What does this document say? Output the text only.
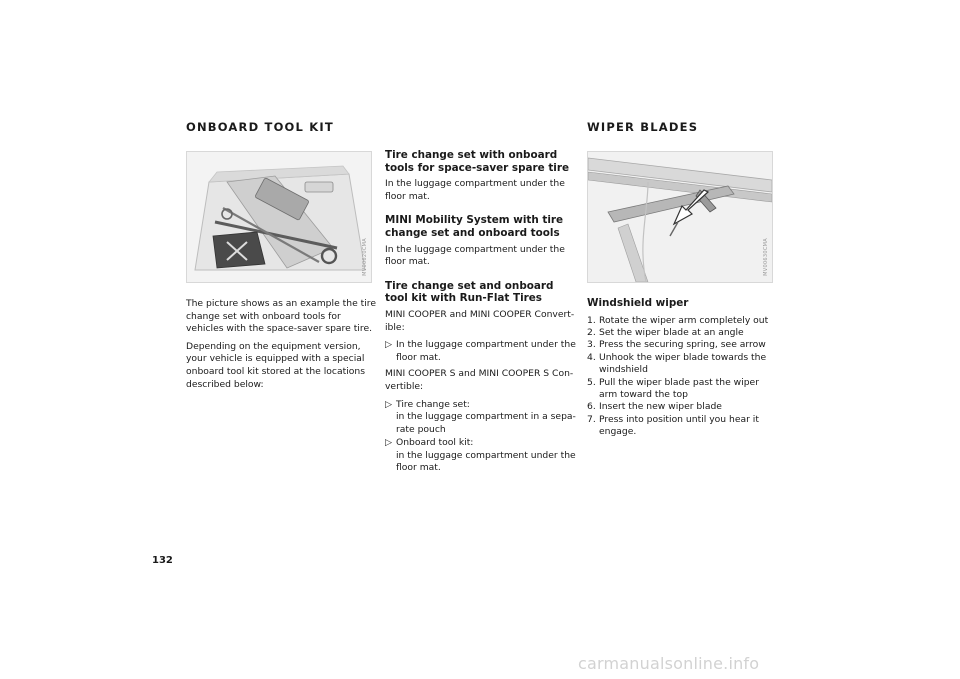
ONBOARD TOOL KIT
MV00620CMA

The picture shows as an example the tire change set with onboard tools for vehicles with the space-saver spare tire.

Depending on the equipment version, your vehicle is equipped with a special onboard tool kit stored at the locations described below:

Tire change set with onboard tools for space-saver spare tire

In the luggage compartment under the floor mat.

MINI Mobility System with tire change set and onboard tools

In the luggage compartment under the floor mat.

Tire change set and onboard tool kit with Run-Flat Tires

MINI COOPER and MINI COOPER Convert-ible:

▷ In the luggage compartment under the floor mat.

MINI COOPER S and MINI COOPER S Con-vertible:

▷ Tire change set:
in the luggage compartment in a sepa-rate pouch
▷ Onboard tool kit:
in the luggage compartment under the floor mat.
WIPER BLADES
MV00630CMA
Windshield wiper
1. Rotate the wiper arm completely out
2. Set the wiper blade at an angle
3. Press the securing spring, see arrow
4. Unhook the wiper blade towards the windshield
5. Pull the wiper blade past the wiper arm toward the top
6. Insert the new wiper blade
7. Press into position until you hear it engage.
132
carmanualsonline.info
